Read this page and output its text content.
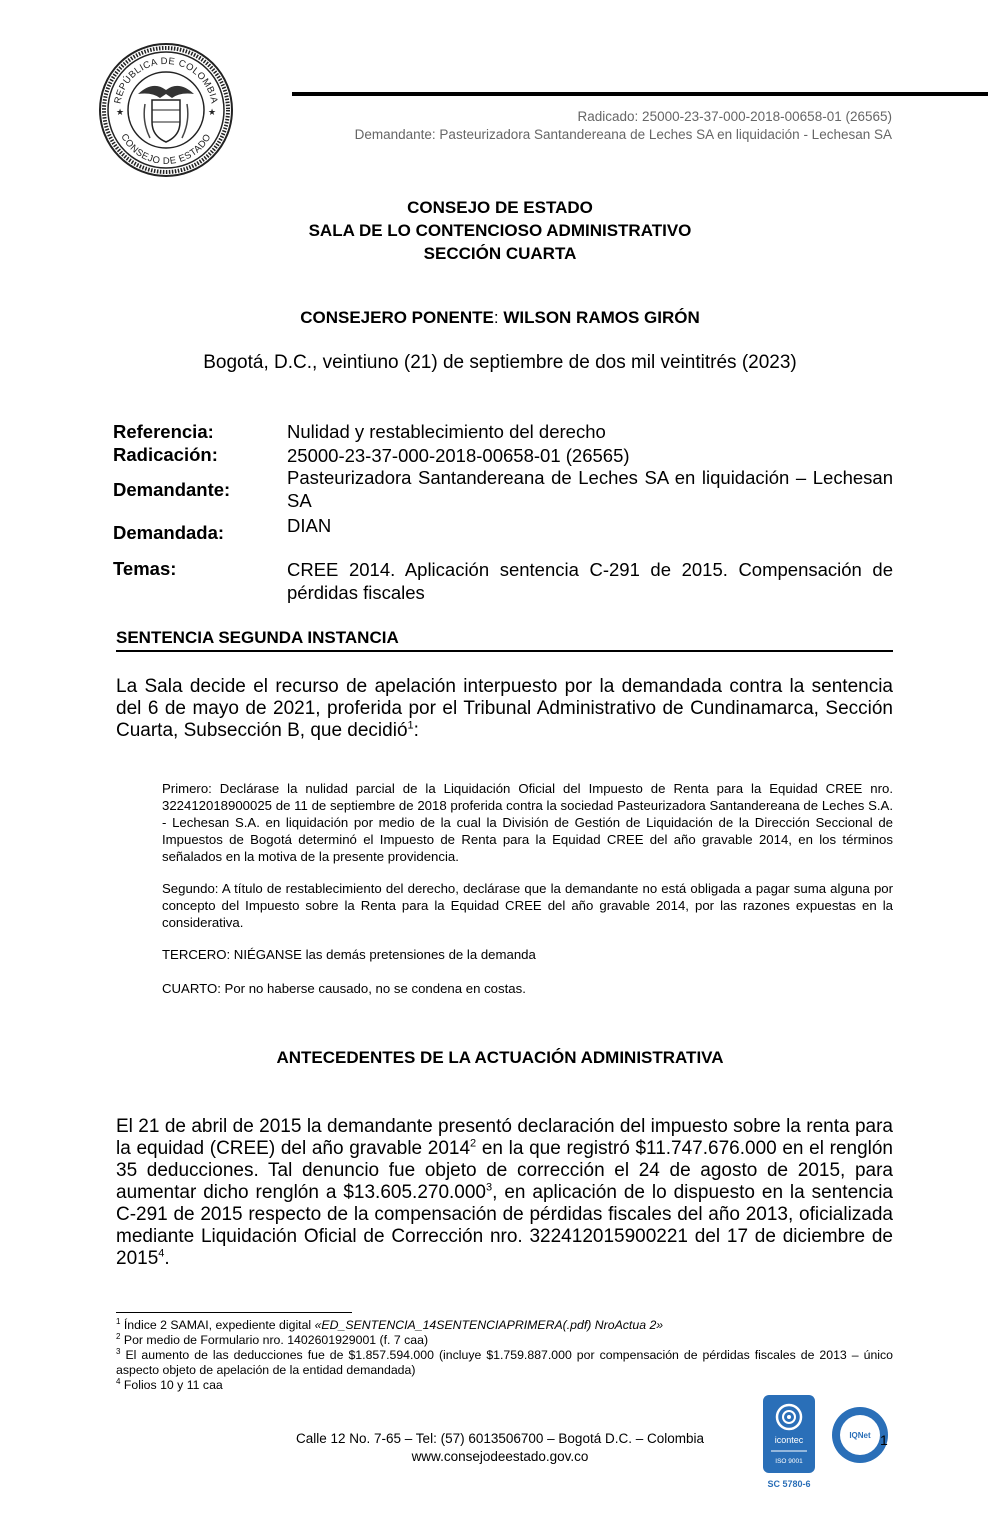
REPÚBLICA DE COLOMBIA
CONSEJO DE ESTADO
★	★	Radicado: 25000-23-37-000-2018-00658-01 (26565)
Demandante: Pasteurizadora Santandereana de Leches SA en liquidación - Lechesan SA
CONSEJO DE ESTADO
SALA DE LO CONTENCIOSO ADMINISTRATIVO
SECCIÓN CUARTA
CONSEJERO PONENTE: WILSON RAMOS GIRÓN
Bogotá, D.C., veintiuno (21) de septiembre de dos mil veintitrés (2023)
Referencia:	Nulidad y restablecimiento del derecho
Radicación:	25000-23-37-000-2018-00658-01 (26565)
Demandante:
Pasteurizadora Santandereana de Leches SA en liquidación – Lechesan SA
Demandada:	DIAN
Temas:	CREE 2014. Aplicación sentencia C-291 de 2015. Compensación de pérdidas fiscales
SENTENCIA SEGUNDA INSTANCIA
La Sala decide el recurso de apelación interpuesto por la demandada contra la sentencia del 6 de mayo de 2021, proferida por el Tribunal Administrativo de Cundinamarca, Sección Cuarta, Subsección B, que decidió$^1$:

Primero: Declárase la nulidad parcial de la Liquidación Oficial del Impuesto de Renta para la Equidad CREE nro. 322412018900025 de 11 de septiembre de 2018 proferida contra la sociedad Pasteurizadora Santandereana de Leches S.A. - Lechesan S.A. en liquidación por medio de la cual la División de Gestión de Liquidación de la Dirección Seccional de Impuestos de Bogotá determinó el Impuesto de Renta para la Equidad CREE del año gravable 2014, en los términos señalados en la motiva de la presente providencia.

Segundo: A título de restablecimiento del derecho, declárase que la demandante no está obligada a pagar suma alguna por concepto del Impuesto sobre la Renta para la Equidad CREE del año gravable 2014, por las razones expuestas en la considerativa.

TERCERO: NIÉGANSE las demás pretensiones de la demanda

CUARTO: Por no haberse causado, no se condena en costas.

ANTECEDENTES DE LA ACTUACIÓN ADMINISTRATIVA
El 21 de abril de 2015 la demandante presentó declaración del impuesto sobre la renta para la equidad (CREE) del año gravable 2014$^2$ en la que registró $11.747.676.000 en el renglón 35 deducciones. Tal denuncio fue objeto de corrección el 24 de agosto de 2015, para aumentar dicho renglón a $13.605.270.000$^3$, en aplicación de lo dispuesto en la sentencia C-291 de 2015 respecto de la compensación de pérdidas fiscales del año 2013, oficializada mediante Liquidación Oficial de Corrección nro. 322412015900221 del 17 de diciembre de 2015$^4$.
$^1$ Índice 2 SAMAI, expediente digital «ED_SENTENCIA_14SENTENCIAPRIMERA(.pdf) NroActua 2»
$^2$ Por medio de Formulario nro. 1402601929001 (f. 7 caa)
$^3$ El aumento de las deducciones fue de $1.857.594.000 (incluye $1.759.887.000 por compensación de pérdidas fiscales de 2013 – único aspecto objeto de apelación de la entidad demandada)
$^4$ Folios 10 y 11 caa
Calle 12 No. 7-65 – Tel: (57) 6013506700 – Bogotá D.C. – Colombia
www.consejodeestado.gov.co
icontec
ISO 9001
SC 5780-6
IQNet 1
